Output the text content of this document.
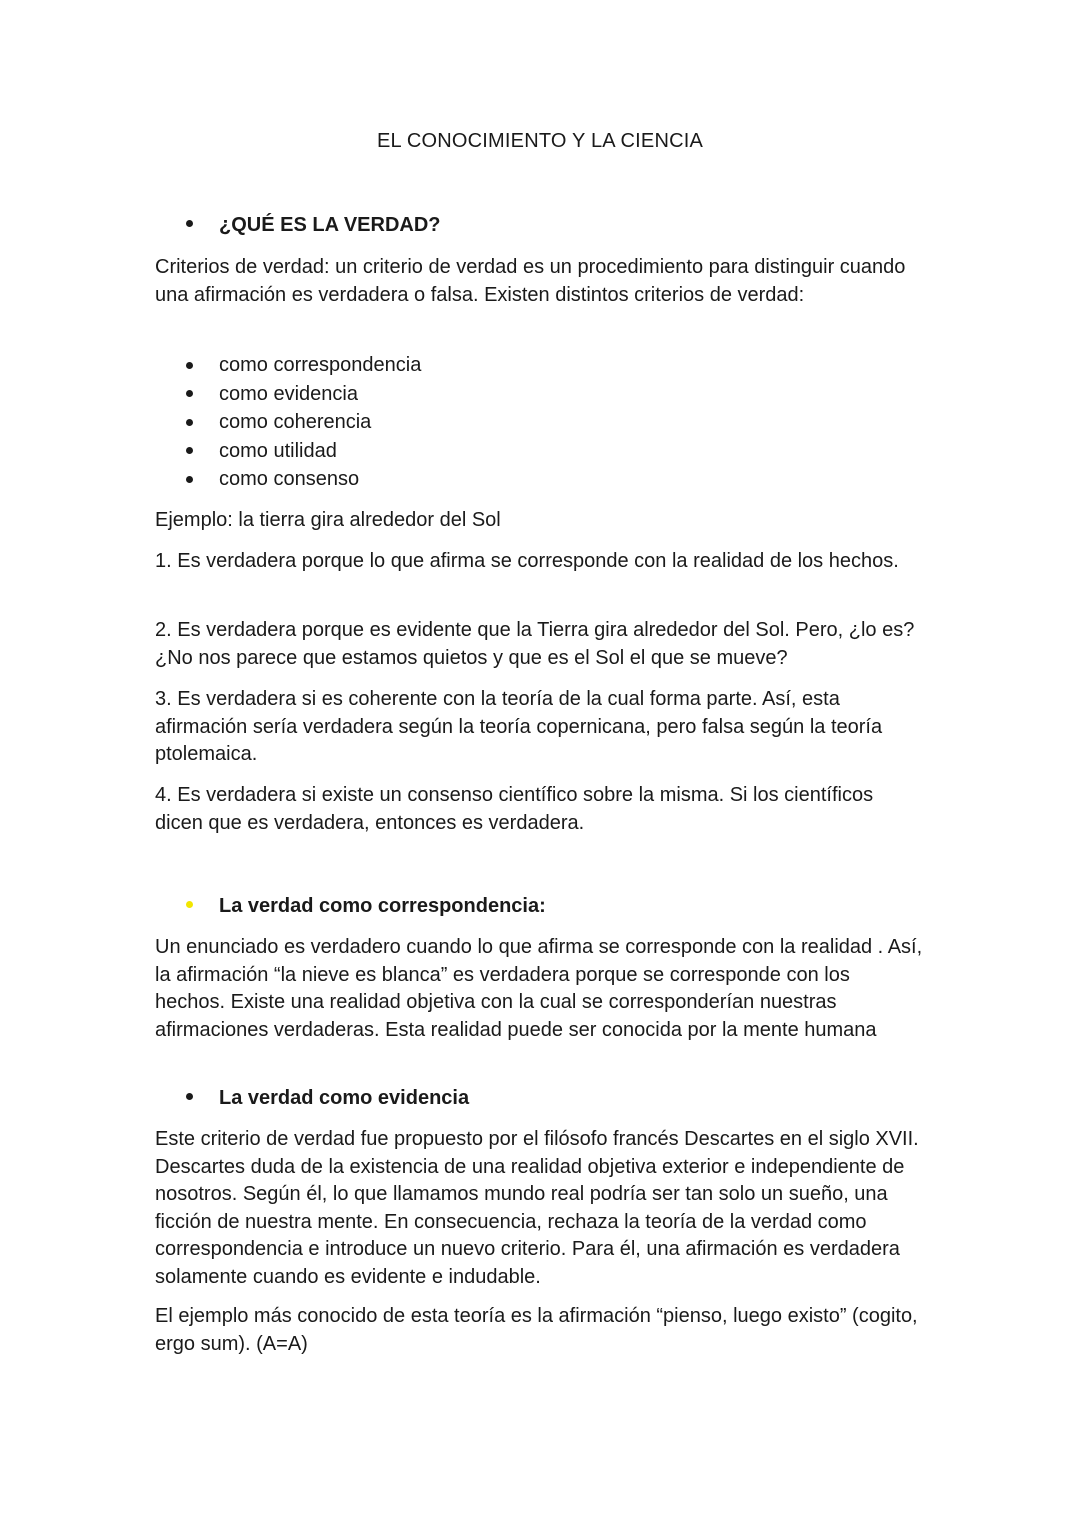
EL CONOCIMIENTO Y LA CIENCIA

¿QUÉ ES LA VERDAD?

Criterios de verdad: un criterio de verdad es un procedimiento para distinguir cuando una afirmación es verdadera o falsa. Existen distintos criterios de verdad:

como correspondencia
como evidencia
como coherencia
como utilidad
como consenso

Ejemplo: la tierra gira alrededor del Sol

1. Es verdadera porque lo que afirma se corresponde con la realidad de los hechos.

2. Es verdadera porque es evidente que la Tierra gira alrededor del Sol. Pero, ¿lo es? ¿No nos parece que estamos quietos y que es el Sol el que se mueve?

3. Es verdadera si es coherente con la teoría de la cual forma parte. Así, esta afirmación sería verdadera según la teoría copernicana, pero falsa según la teoría ptolemaica.

4. Es verdadera si existe un consenso científico sobre la misma. Si los científicos dicen que es verdadera, entonces es verdadera.

La verdad como correspondencia:

Un enunciado es verdadero cuando lo que afirma se corresponde con la realidad . Así, la afirmación “la nieve es blanca” es verdadera porque se corresponde con los hechos. Existe una realidad objetiva con la cual se corresponderían nuestras afirmaciones verdaderas. Esta realidad puede ser conocida por la mente humana

La verdad como evidencia

Este criterio de verdad fue propuesto por el filósofo francés Descartes en el siglo XVII. Descartes duda de la existencia de una realidad objetiva exterior e independiente de nosotros. Según él, lo que llamamos mundo real podría ser tan solo un sueño, una ficción de nuestra mente. En consecuencia, rechaza la teoría de la verdad como correspondencia e introduce un nuevo criterio. Para él, una afirmación es verdadera solamente cuando es evidente e indudable.

El ejemplo más conocido de esta teoría es la afirmación “pienso, luego existo” (cogito, ergo sum). (A=A)
